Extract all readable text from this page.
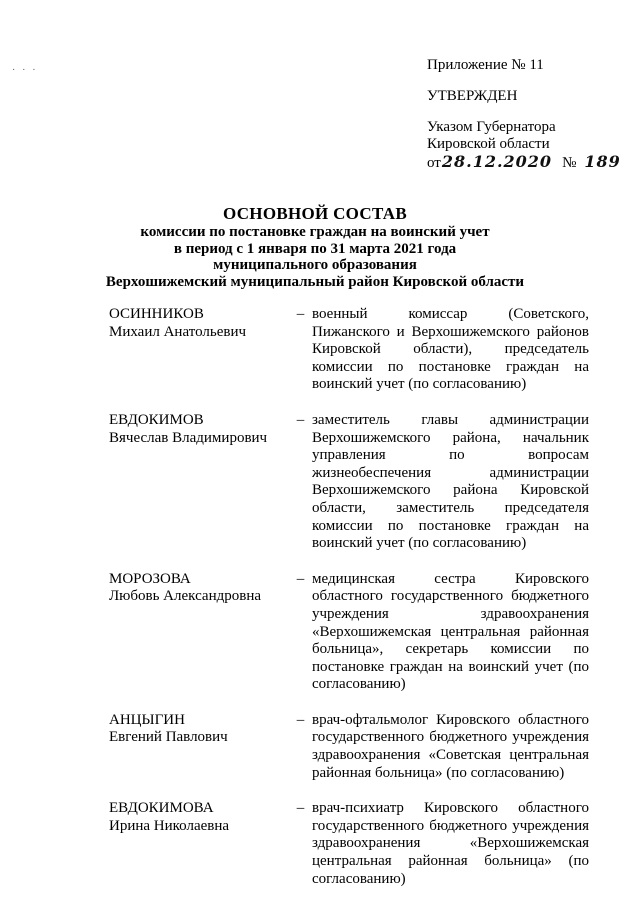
· · ·	Приложение № 11
УТВЕРЖДЕН
Указом Губернатора
Кировской области
от 28.12.2020 № 189
ОСНОВНОЙ СОСТАВ
комиссии по постановке граждан на воинский учет
в период с 1 января по 31 марта 2021 года
муниципального образования
Верхошижемский муниципальный район Кировской области
ОСИННИКОВ
Михаил Анатольевич
– военный комиссар (Советского, Пижанского и Верхошижемского районов Кировской области), председатель комиссии по постановке граждан на воинский учет (по согласованию)
ЕВДОКИМОВ
Вячеслав Владимирович
– заместитель главы администрации Верхошижемского района, начальник управления по вопросам жизнеобеспечения администрации Верхошижемского района Кировской области, заместитель председателя комиссии по постановке граждан на воинский учет (по согласованию)
МОРОЗОВА
Любовь Александровна
– медицинская сестра Кировского областного государственного бюджетного учреждения здравоохранения «Верхошижемская центральная районная больница», секретарь комиссии по постановке граждан на воинский учет (по согласованию)
АНЦЫГИН
Евгений Павлович
– врач-офтальмолог Кировского областного государственного бюджетного учреждения здравоохранения «Советская центральная районная больница» (по согласованию)
ЕВДОКИМОВА
Ирина Николаевна
– врач-психиатр Кировского областного государственного бюджетного учреждения здравоохранения «Верхошижемская центральная районная больница» (по согласованию)
